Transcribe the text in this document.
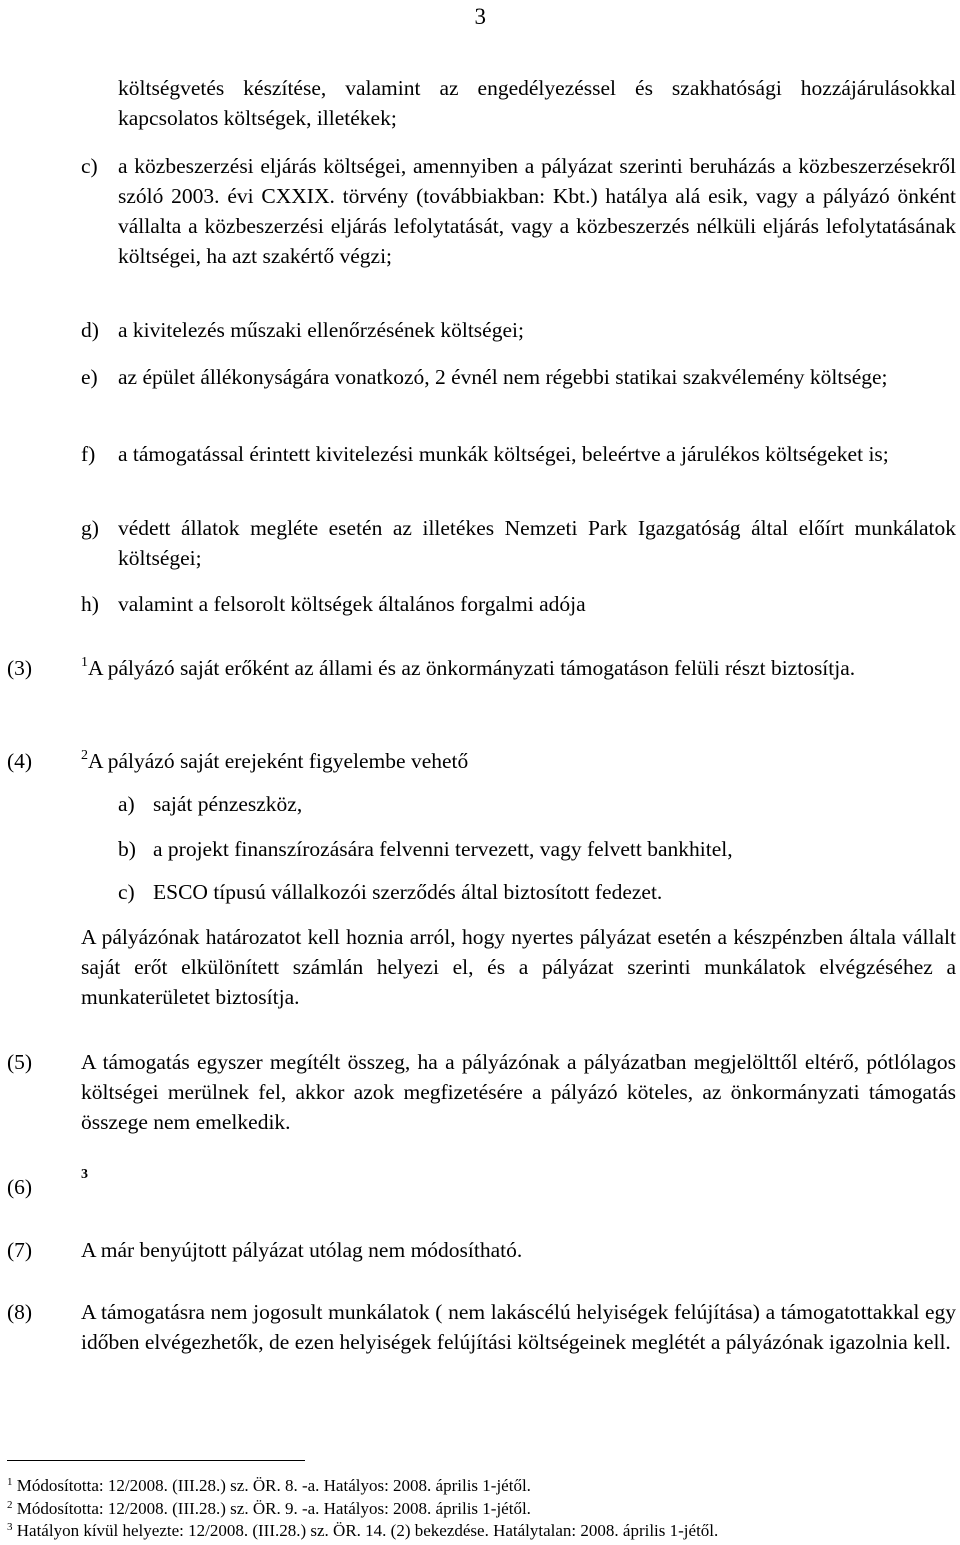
3
költségvetés készítése, valamint az engedélyezéssel és szakhatósági hozzájárulásokkal kapcsolatos költségek, illetékek;
c) a közbeszerzési eljárás költségei, amennyiben a pályázat szerinti beruházás a közbeszerzésekről szóló 2003. évi CXXIX. törvény (továbbiakban: Kbt.) hatálya alá esik, vagy a pályázó önként vállalta a közbeszerzési eljárás lefolytatását, vagy a közbeszerzés nélküli eljárás lefolytatásának költségei, ha azt szakértő végzi;
d) a kivitelezés műszaki ellenőrzésének költségei;
e) az épület állékonyságára vonatkozó, 2 évnél nem régebbi statikai szakvélemény költsége;
f) a támogatással érintett kivitelezési munkák költségei, beleértve a járulékos költségeket is;
g) védett állatok megléte esetén az illetékes Nemzeti Park Igazgatóság által előírt munkálatok költségei;
h) valamint a felsorolt költségek általános forgalmi adója
(3)	$^1$A pályázó saját erőként az állami és az önkormányzati támogatáson felüli részt biztosítja.
(4)	$^2$A pályázó saját erejeként figyelembe vehető
a) saját pénzeszköz,
b) a projekt finanszírozására felvenni tervezett, vagy felvett bankhitel,
c) ESCO típusú vállalkozói szerződés által biztosított fedezet.
A pályázónak határozatot kell hoznia arról, hogy nyertes pályázat esetén a készpénzben általa vállalt saját erőt elkülönített számlán helyezi el, és a pályázat szerinti munkálatok elvégzéséhez a munkaterületet biztosítja.
(5) A támogatás egyszer megítélt összeg, ha a pályázónak a pályázatban megjelölttől eltérő, pótlólagos költségei merülnek fel, akkor azok megfizetésére a pályázó köteles, az önkormányzati támogatás összege nem emelkedik.
(6)
3
(7) A már benyújtott pályázat utólag nem módosítható.
(8) A támogatásra nem jogosult munkálatok ( nem lakáscélú helyiségek felújítása) a támogatottakkal egy időben elvégezhetők, de ezen helyiségek felújítási költségeinek meglétét a pályázónak igazolnia kell.
$^1$ Módosította: 12/2008. (III.28.) sz. ÖR. 8. -a. Hatályos: 2008. április 1-jétől.
$^2$ Módosította: 12/2008. (III.28.) sz. ÖR. 9. -a. Hatályos: 2008. április 1-jétől.
$^3$ Hatályon kívül helyezte: 12/2008. (III.28.) sz. ÖR. 14. (2) bekezdése. Hatálytalan: 2008. április 1-jétől.
